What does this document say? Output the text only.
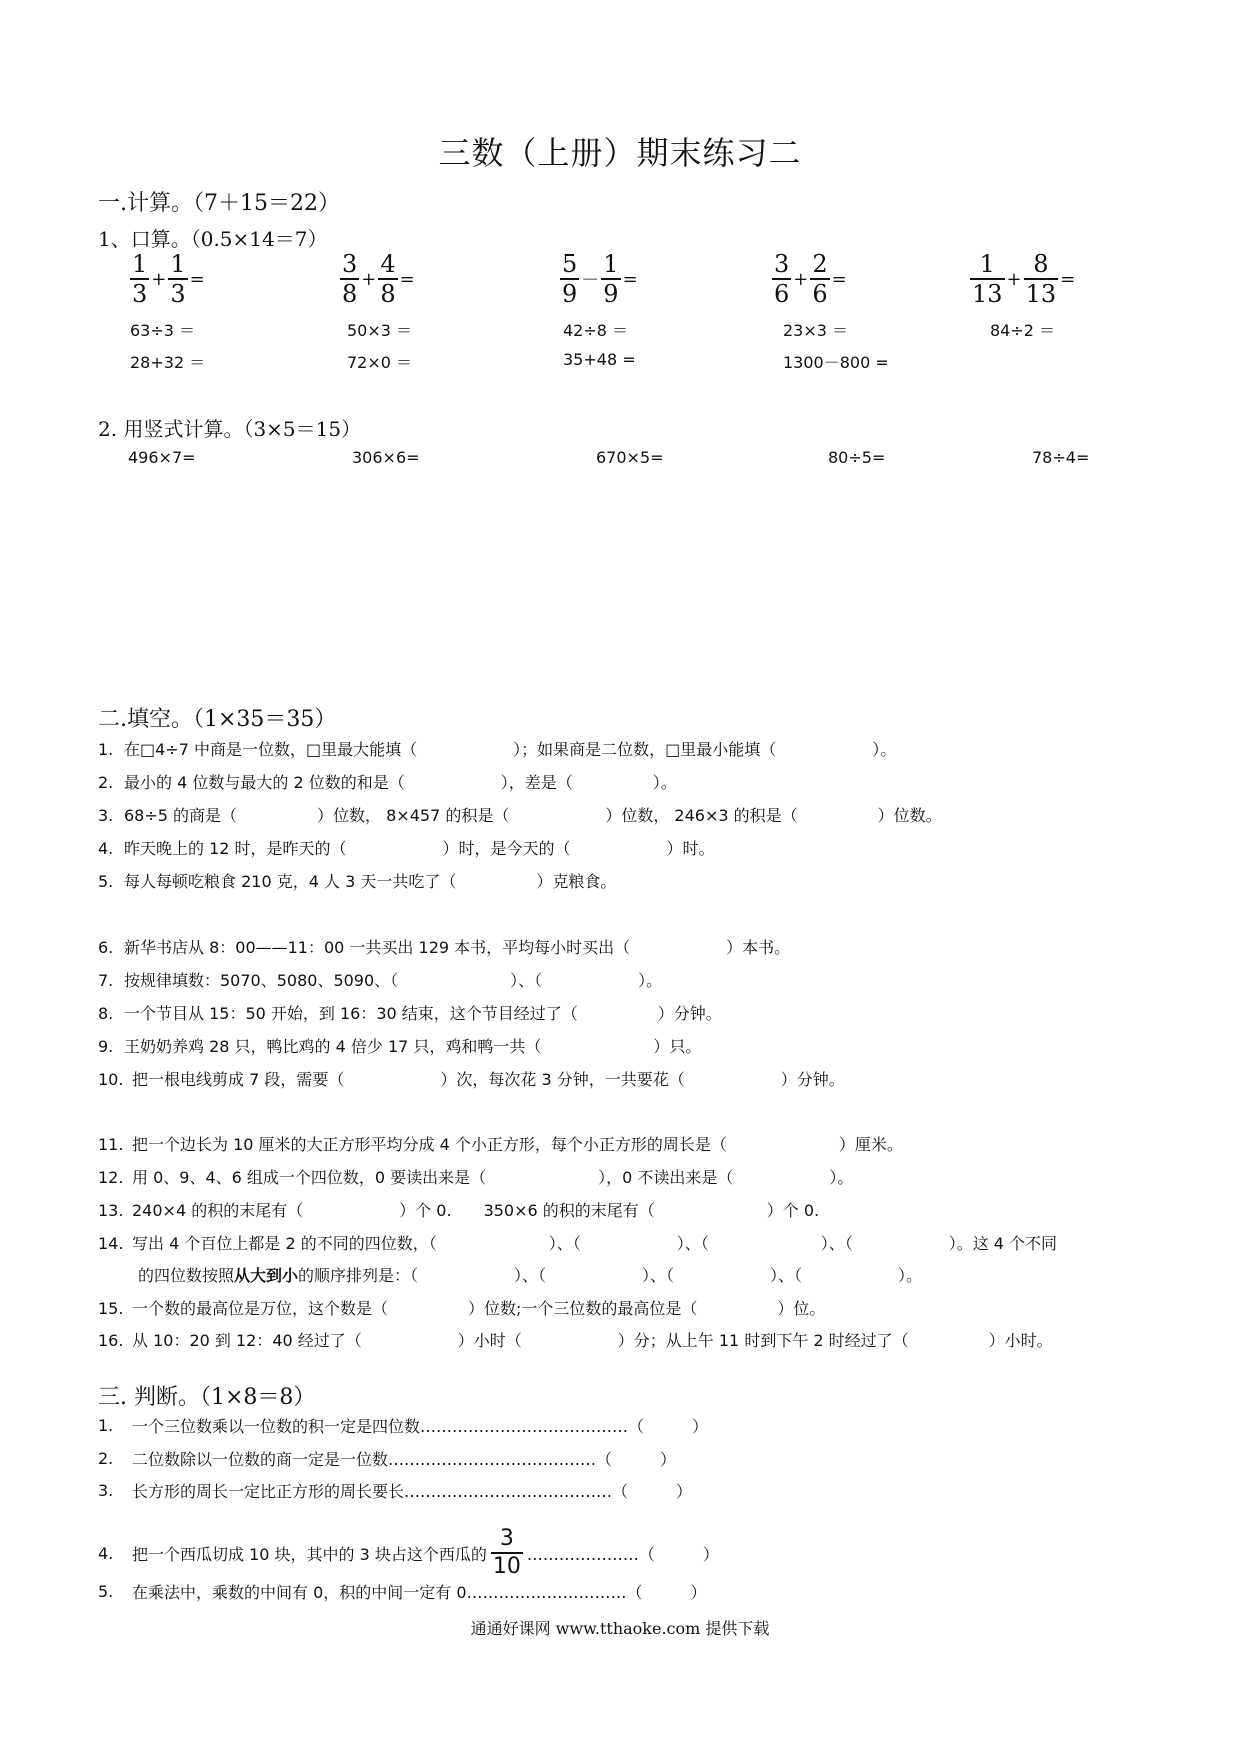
三数（上册）期末练习二
一.计算。（7＋15＝22）
1、口算。（0.5×14＝7）
$\frac{1}{3} + \frac{1}{3}$ =	$\frac{3}{8} + \frac{4}{8}$ =	$\frac{5}{9} - \frac{1}{9}$ =	$\frac{3}{6} + \frac{2}{6}$ =	$\frac{1}{13} + \frac{8}{13}$ =
63÷3 ＝	50×3 ＝	42÷8 ＝	23×3 ＝	84÷2 ＝
28+32 ＝	72×0 ＝	35+48 =	1300－800 =
2. 用竖式计算。（3×5＝15）
496×7=	306×6=	670×5=	80÷5=	78÷4=
二.填空。（1×35＝35）
1. 在□4÷7 中商是一位数，□里最大能填（　　　　　　）；如果商是二位数，□里最小能填（　　　　　　）。
2. 最小的 4 位数与最大的 2 位数的和是（　　　　　　），差是（　　　　　）。
3. 68÷5 的商是（　　　　　）位数， 8×457 的积是（　　　　　　）位数， 246×3 的积是（　　　　　）位数。
4. 昨天晚上的 12 时，是昨天的（　　　　　　）时，是今天的（　　　　　　）时。
5. 每人每顿吃粮食 210 克，4 人 3 天一共吃了（　　　　　）克粮食。
6. 新华书店从 8：00——11：00 一共买出 129 本书，平均每小时买出（　　　　　　）本书。
7. 按规律填数：5070、5080、5090、（　　　　　　　）、（　　　　　　）。
8. 一个节目从 15：50 开始，到 16：30 结束，这个节目经过了（　　　　　）分钟。
9. 王奶奶养鸡 28 只，鸭比鸡的 4 倍少 17 只，鸡和鸭一共（　　　　　　　）只。
10. 把一根电线剪成 7 段，需要（　　　　　　）次，每次花 3 分钟，一共要花（　　　　　　）分钟。
11. 把一个边长为 10 厘米的大正方形平均分成 4 个小正方形，每个小正方形的周长是（　　　　　　　）厘米。
12. 用 0、9、4、6 组成一个四位数，0 要读出来是（　　　　　　　），0 不读出来是（　　　　　　）。
13. 240×4 的积的末尾有（　　　　　　）个 0.　　350×6 的积的末尾有（　　　　　　　）个 0.
14. 写出 4 个百位上都是 2 的不同的四位数，（　　　　　　　）、（　　　　　　）、（　　　　　　　）、（　　　　　　）。这 4 个不同
的四位数按照从大到小的顺序排列是：（　　　　　　）、（　　　　　　）、（　　　　　　）、（　　　　　　）。
15. 一个数的最高位是万位，这个数是（　　　　　）位数;一个三位数的最高位是（　　　　　）位。
16. 从 10：20 到 12：40 经过了（　　　　　　）小时（　　　　　　）分；从上午 11 时到下午 2 时经过了（　　　　　）小时。
三. 判断。（1×8＝8）
1.	一个三位数乘以一位数的积一定是四位数…………………………………（　　　）
2.	二位数除以一位数的商一定是一位数…………………………………（　　　）
3.	长方形的周长一定比正方形的周长要长…………………………………（　　　）
4.	把一个西瓜切成 10 块，其中的 3 块占这个西瓜的 $\frac{3}{10}$ …………………（　　　）
5.	在乘法中，乘数的中间有 0，积的中间一定有 0…………………………（　　　）
通通好课网 www.tthaoke.com 提供下载
